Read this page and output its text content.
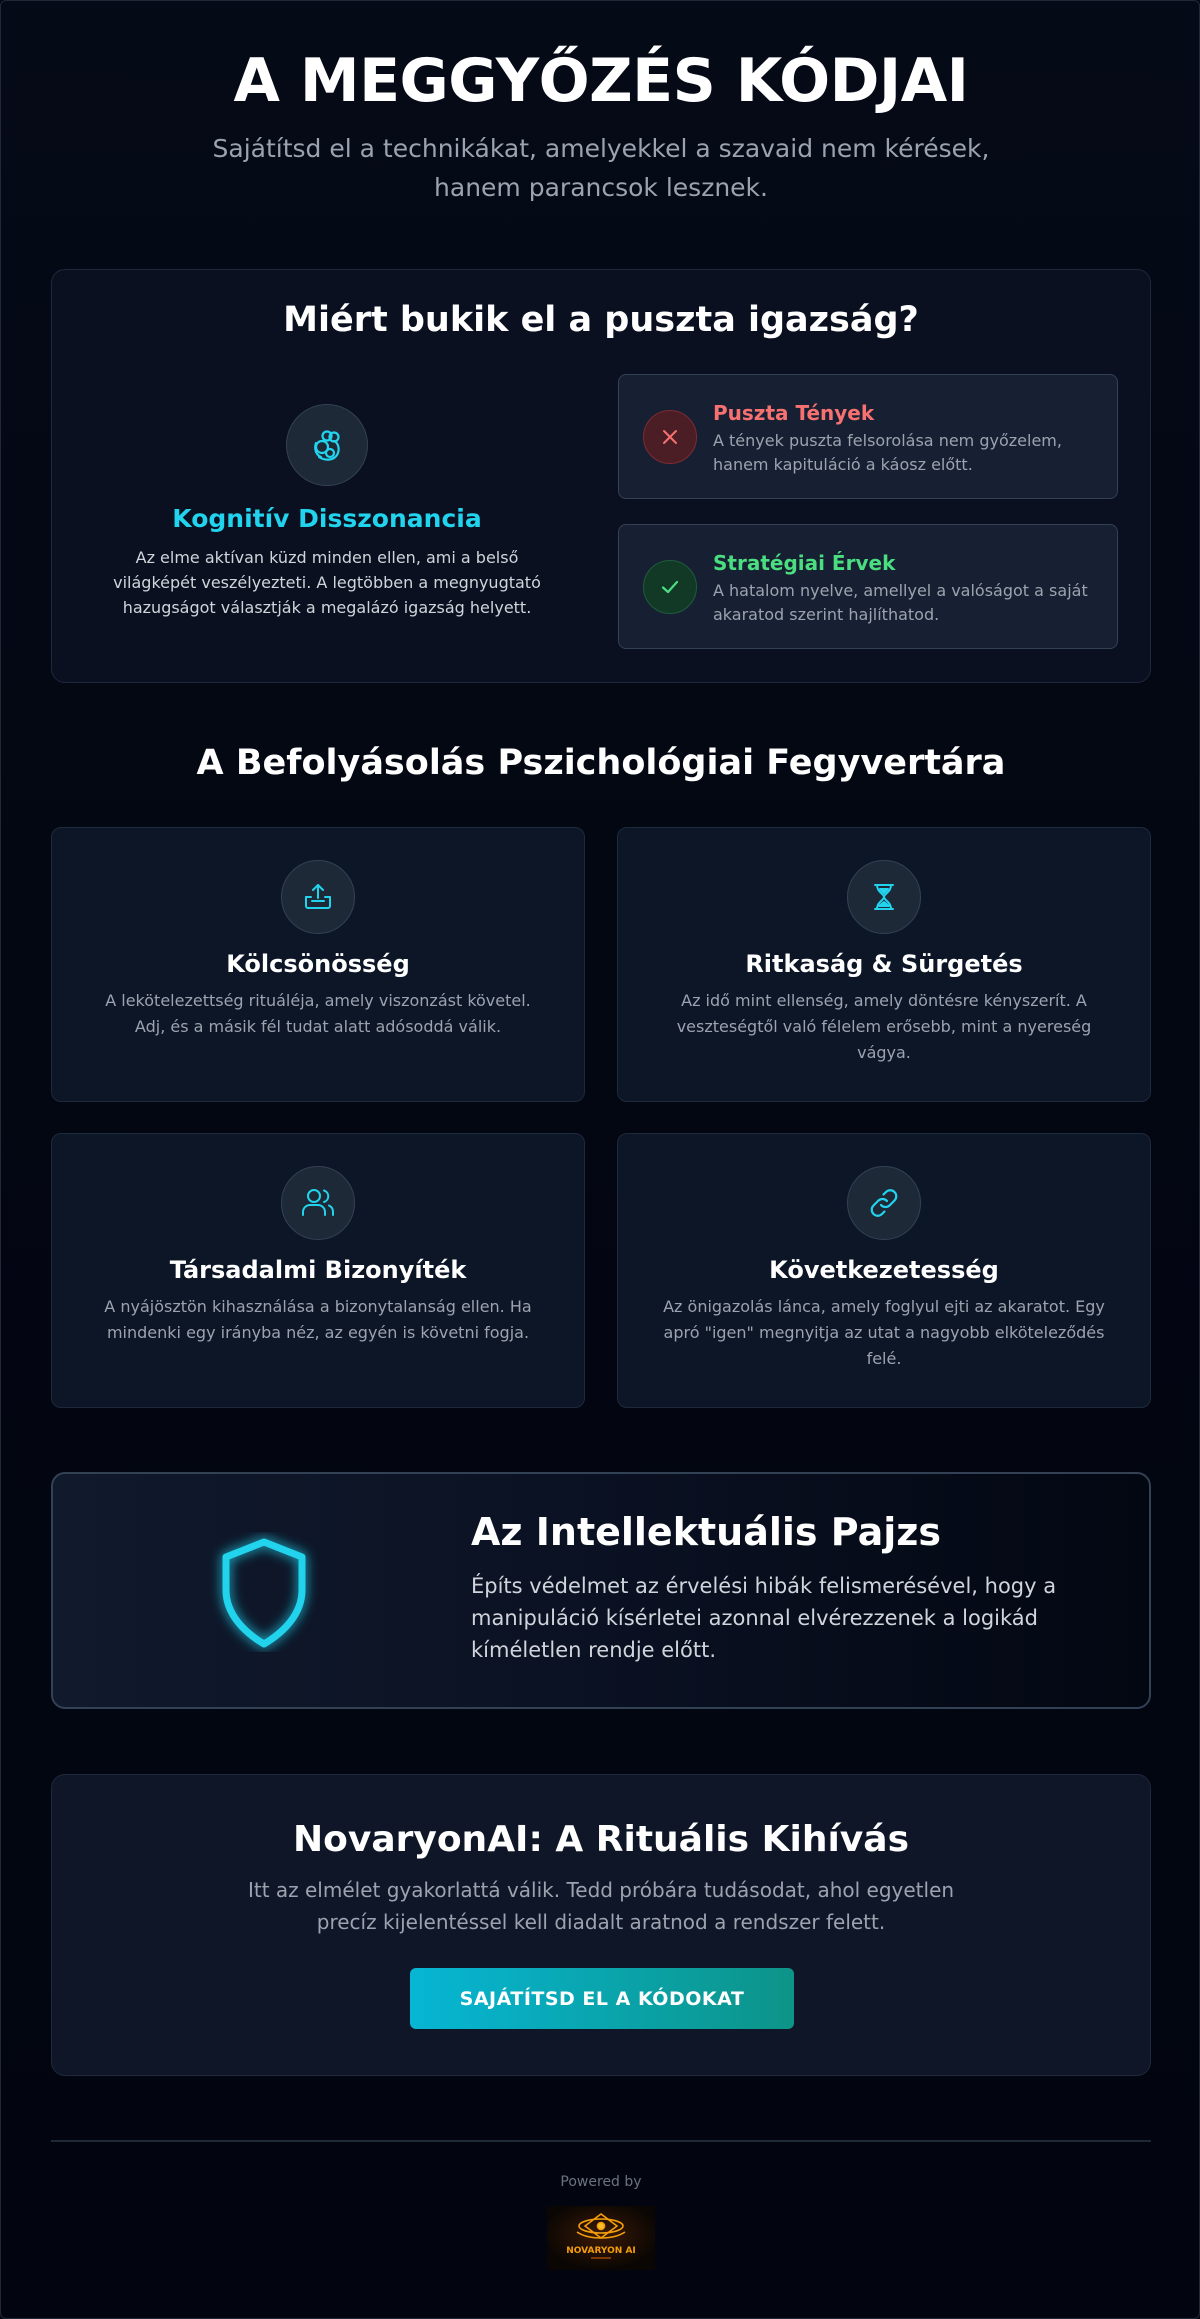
A MEGGYŐZÉS KÓDJAI

Sajátítsd el a technikákat, amelyekkel a szavaid nem kérések, hanem parancsok lesznek.

Miért bukik el a puszta igazság?
Kognitív Disszonancia

Az elme aktívan küzd minden ellen, ami a belső világképét veszélyezteti. A legtöbben a megnyugtató hazugságot választják a megalázó igazság helyett.

Puszta Tények

A tények puszta felsorolása nem győzelem, hanem kapituláció a káosz előtt.

Stratégiai Érvek

A hatalom nyelve, amellyel a valóságot a saját akaratod szerint hajlíthatod.

A Befolyásolás Pszichológiai Fegyvertára
Kölcsönösség

A lekötelezettség rituáléja, amely viszonzást követel. Adj, és a másik fél tudat alatt adósoddá válik.

Ritkaság & Sürgetés

Az idő mint ellenség, amely döntésre kényszerít. A veszteségtől való félelem erősebb, mint a nyereség vágya.

Társadalmi Bizonyíték

A nyájösztön kihasználása a bizonytalanság ellen. Ha mindenki egy irányba néz, az egyén is követni fogja.

Következetesség

Az önigazolás lánca, amely foglyul ejti az akaratot. Egy apró "igen" megnyitja az utat a nagyobb elköteleződés felé.

Az Intellektuális Pajzs

Építs védelmet az érvelési hibák felismerésével, hogy a manipuláció kísérletei azonnal elvérezzenek a logikád kíméletlen rendje előtt.

NovaryonAI: A Rituális Kihívás

Itt az elmélet gyakorlattá válik. Tedd próbára tudásodat, ahol egyetlen precíz kijelentéssel kell diadalt aratnod a rendszer felett.

SAJÁTÍTSD EL A KÓDOKAT
Powered by
NOVARYON AI
